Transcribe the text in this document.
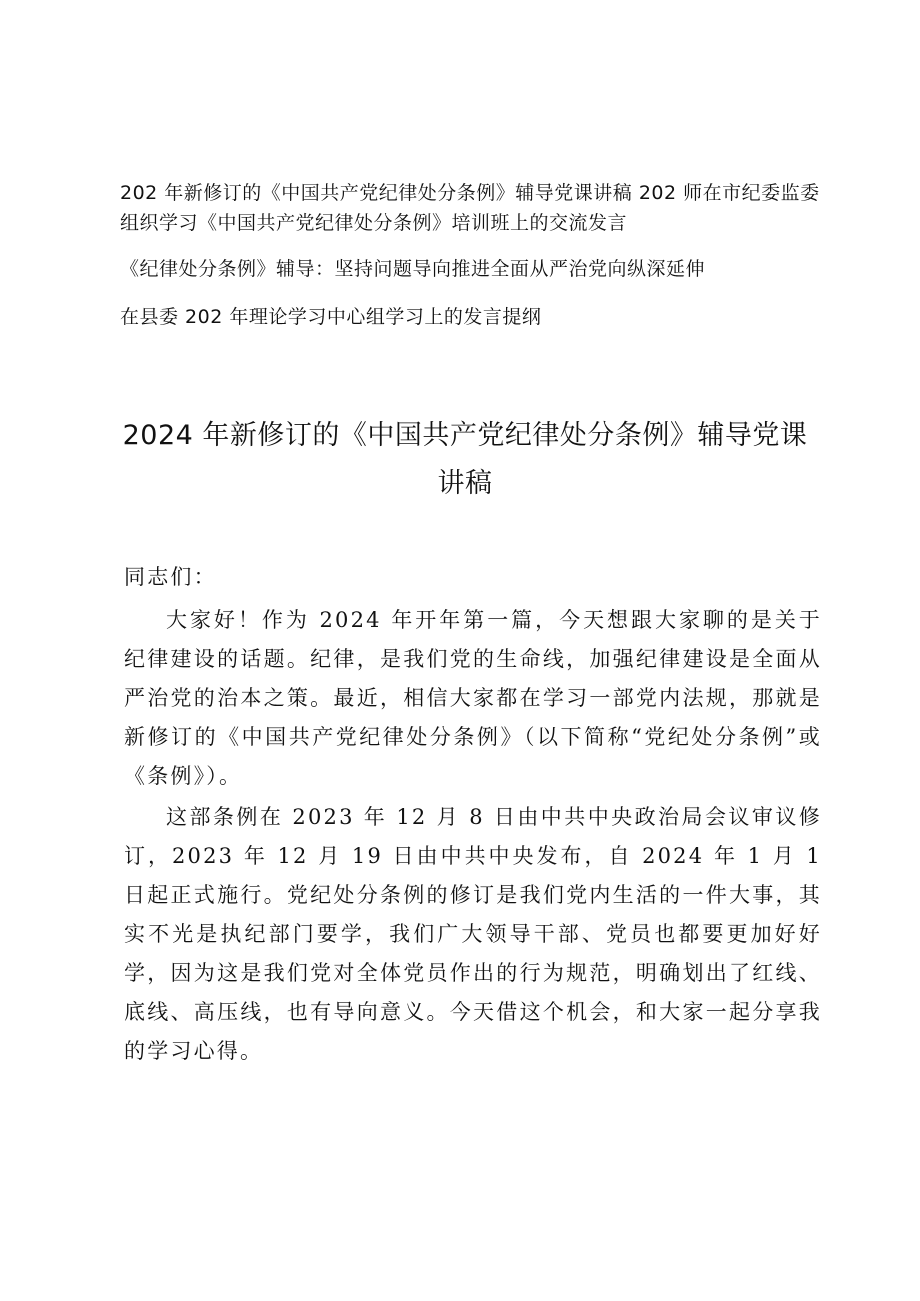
202 年新修订的《中国共产党纪律处分条例》辅导党课讲稿 202 师在市纪委监委组织学习《中国共产党纪律处分条例》培训班上的交流发言

《纪律处分条例》辅导：坚持问题导向推进全面从严治党向纵深延伸

在县委 202 年理论学习中心组学习上的发言提纲

2024 年新修订的《中国共产党纪律处分条例》辅导党课讲稿

同志们：

大家好！作为 2024 年开年第一篇，今天想跟大家聊的是关于纪律建设的话题。纪律，是我们党的生命线，加强纪律建设是全面从严治党的治本之策。最近，相信大家都在学习一部党内法规，那就是新修订的《中国共产党纪律处分条例》（以下简称“党纪处分条例”或《条例》）。

这部条例在 2023 年 12 月 8 日由中共中央政治局会议审议修订，2023 年 12 月 19 日由中共中央发布，自 2024 年 1 月 1 日起正式施行。党纪处分条例的修订是我们党内生活的一件大事，其实不光是执纪部门要学，我们广大领导干部、党员也都要更加好好学，因为这是我们党对全体党员作出的行为规范，明确划出了红线、底线、高压线，也有导向意义。今天借这个机会，和大家一起分享我的学习心得。
